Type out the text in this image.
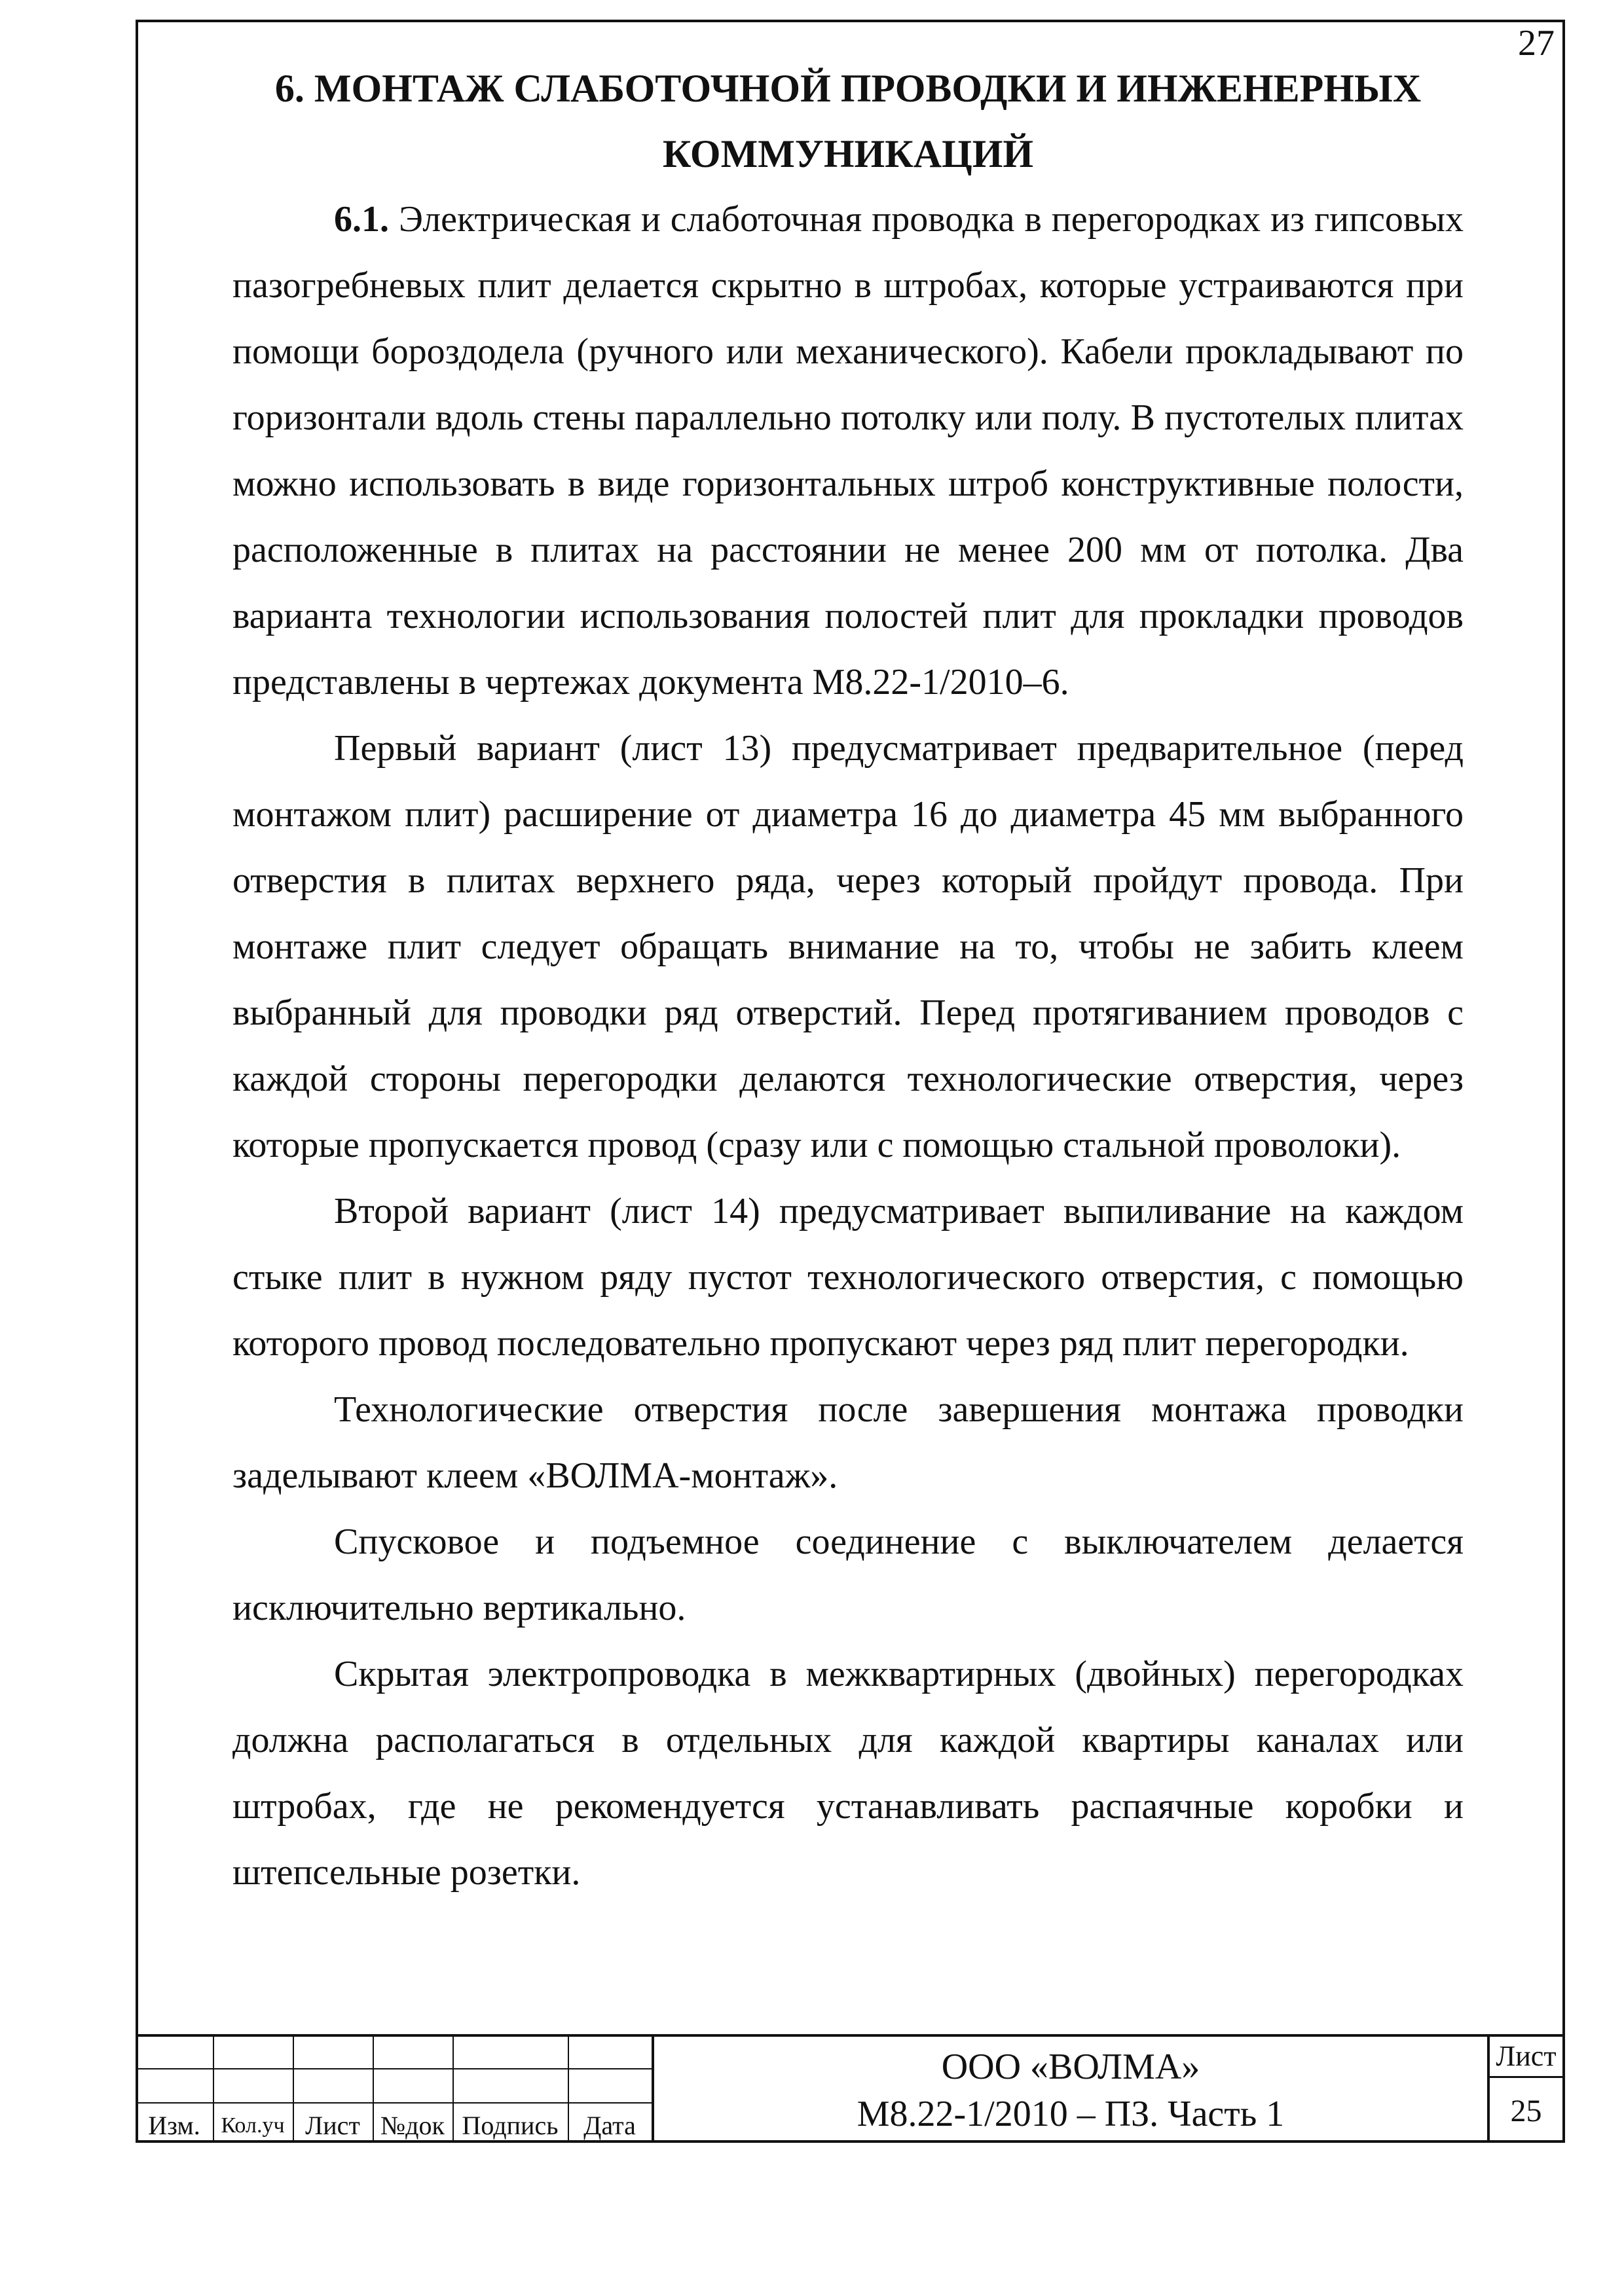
27
6. МОНТАЖ СЛАБОТОЧНОЙ ПРОВОДКИ И ИНЖЕНЕРНЫХ
КОММУНИКАЦИЙ

6.1. Электрическая и слаботочная проводка в перегородках из гипсовых пазогребневых плит делается скрытно в штробах, которые устраиваются при помощи бороздодела (ручного или механического). Кабели прокладывают по горизонтали вдоль стены параллельно потолку или полу. В пустотелых плитах можно использовать в виде горизонтальных штроб конструктивные полости, расположенные в плитах на расстоянии не менее 200 мм от потолка. Два варианта технологии использования полостей плит для прокладки проводов представлены в чертежах документа М8.22-1/2010–6.

Первый вариант (лист 13) предусматривает предварительное (перед монтажом плит) расширение от диаметра 16 до диаметра 45 мм выбранного отверстия в плитах верхнего ряда, через который пройдут провода. При монтаже плит следует обращать внимание на то, чтобы не забить клеем выбранный для проводки ряд отверстий. Перед протягиванием проводов с каждой стороны перегородки делаются технологические отверстия, через которые пропускается провод (сразу или с помощью стальной проволоки).

Второй вариант (лист 14) предусматривает выпиливание на каждом стыке плит в нужном ряду пустот технологического отверстия, с помощью которого провод последовательно пропускают через ряд плит перегородки.

Технологические отверстия после завершения монтажа проводки заделывают клеем «ВОЛМА-монтаж».

Спусковое и подъемное соединение с выключателем делается исключительно вертикально.

Скрытая электропроводка в межквартирных (двойных) перегородках должна располагаться в отдельных для каждой квартиры каналах или штробах, где не рекомендуется устанавливать распаячные коробки и штепсельные розетки.

Изм. Кол.уч Лист №док Подпись Дата
ООО «ВОЛМА»
М8.22-1/2010 – ПЗ. Часть 1
Лист
25
